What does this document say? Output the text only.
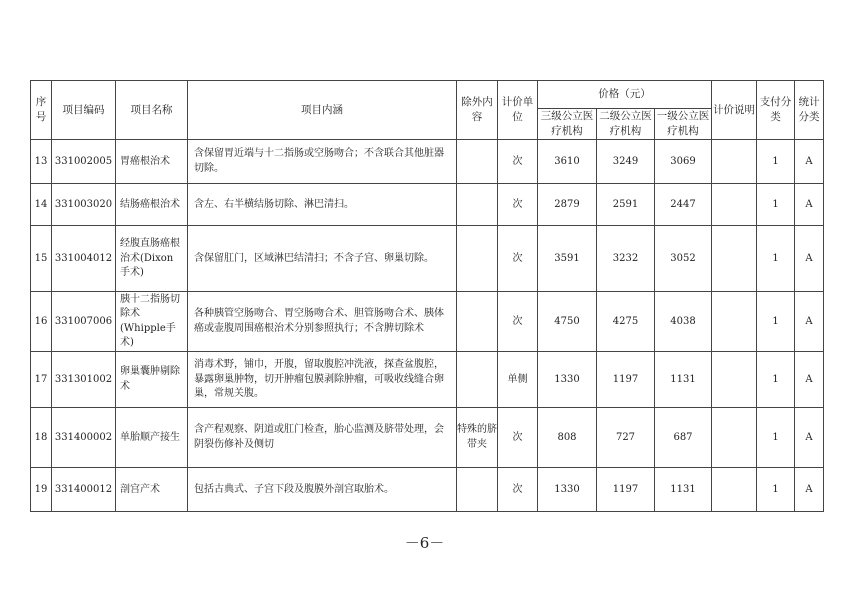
序号	项目编码	项目名称	项目内涵	除外内容	计价单位	价格（元）			计价说明	支付分类	统计分类
						三级公立医疗机构	二级公立医疗机构	一级公立医疗机构			
13	331002005	胃癌根治术	含保留胃近端与十二指肠或空肠吻合；不含联合其他脏器切除。		次	3610	3249	3069		1	A
14	331003020	结肠癌根治术	含左、右半横结肠切除、淋巴清扫。		次	2879	2591	2447		1	A
15	331004012	经腹直肠癌根治术(Dixon手术)	含保留肛门，区域淋巴结清扫；不含子宫、卵巢切除。		次	3591	3232	3052		1	A
16	331007006	胰十二指肠切除术(Whipple手术)	各种胰管空肠吻合、胃空肠吻合术、胆管肠吻合术、胰体癌或壶腹周围癌根治术分别参照执行；不含脾切除术		次	4750	4275	4038		1	A
17	331301002	卵巢囊肿剔除术	消毒术野，铺巾，开腹，留取腹腔冲洗液，探查盆腹腔，暴露卵巢肿物，切开肿瘤包膜剥除肿瘤，可吸收线缝合卵巢，常规关腹。		单侧	1330	1197	1131		1	A
18	331400002	单胎顺产接生	含产程观察、阴道或肛门检查，胎心监测及脐带处理，会阴裂伤修补及侧切	特殊的脐带夹	次	808	727	687		1	A
19	331400012	剖宫产术	包括古典式、子宫下段及腹膜外剖宫取胎术。		次	1330	1197	1131		1	A
－6－
